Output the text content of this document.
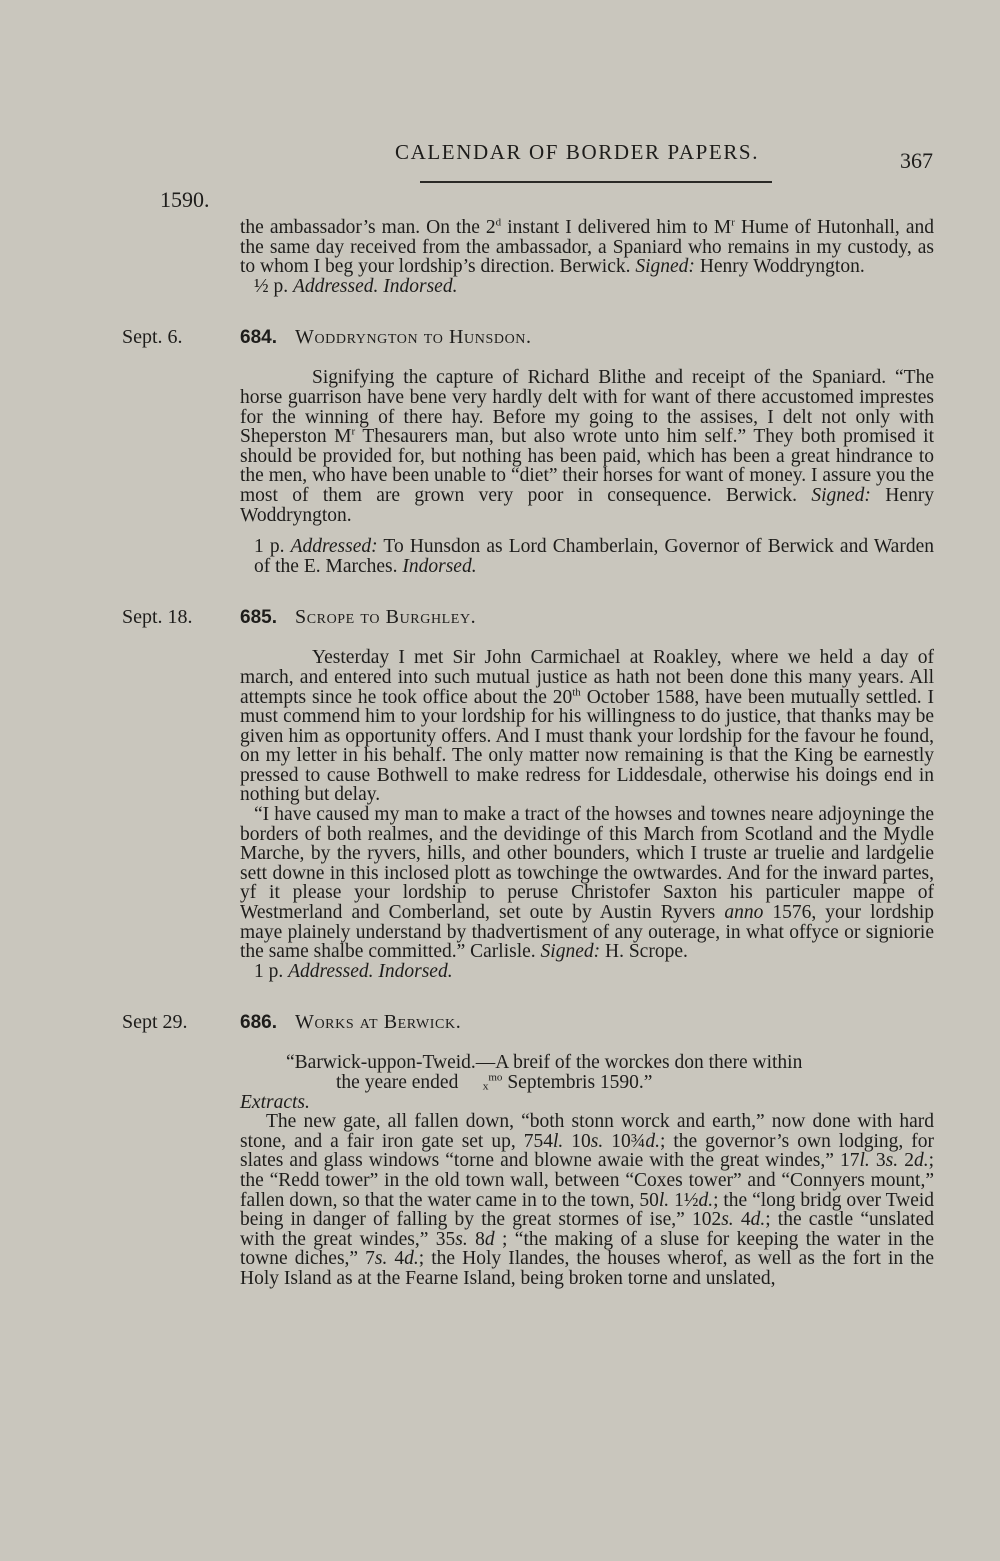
CALENDAR OF BORDER PAPERS.	367
1590.

the ambassador’s man. On the 2$^d$ instant I delivered him to $M^r$ Hume of Hutonhall, and the same day received from the ambassador, a Spaniard who remains in my custody, as to whom I beg your lordship’s direction. Berwick. Signed: Henry Woddryngton.

½ p. Addressed. Indorsed.

Sept. 6.	684. Woddryngton to Hunsdon.

Signifying the capture of Richard Blithe and receipt of the Spaniard. “The horse guarrison have bene very hardly delt with for want of there accustomed imprestes for the winning of there hay. Before my going to the assises, I delt not only with Sheperston $M^r$ Thesaurers man, but also wrote unto him self.” They both promised it should be provided for, but nothing has been paid, which has been a great hindrance to the men, who have been unable to “diet” their horses for want of money. I assure you the most of them are grown very poor in consequence. Berwick. Signed: Henry Woddryngton.

1 p. Addressed: To Hunsdon as Lord Chamberlain, Governor of Berwick and Warden of the E. Marches. Indorsed.

Sept. 18.	685. Scrope to Burghley.

Yesterday I met Sir John Carmichael at Roakley, where we held a day of march, and entered into such mutual justice as hath not been done this many years. All attempts since he took office about the 20th October 1588, have been mutually settled. I must commend him to your lordship for his willingness to do justice, that thanks may be given him as opportunity offers. And I must thank your lordship for the favour he found, on my letter in his behalf. The only matter now remaining is that the King be earnestly pressed to cause Bothwell to make redress for Liddesdale, otherwise his doings end in nothing but delay.

“I have caused my man to make a tract of the howses and townes neare adjoyninge the borders of both realmes, and the devidinge of this March from Scotland and the Mydle Marche, by the ryvers, hills, and other bounders, which I truste ar truelie and lardgelie sett downe in this inclosed plott as towchinge the owtwardes. And for the inward partes, yf it please your lordship to peruse Christofer Saxton his particuler mappe of Westmerland and Comberland, set oute by Austin Ryvers anno 1576, your lordship maye plainely understand by thadvertisment of any outerage, in what offyce or signiorie the same shalbe committed.” Carlisle. Signed: H. Scrope.

1 p. Addressed. Indorsed.

Sept 29.	686. Works at Berwick.

“Barwick-uppon-Tweid.—A breif of the worckes don there within
the yeare ended ₓ$^{mo}$ Septembris 1590.”

Extracts.

The new gate, all fallen down, “both stonn worck and earth,” now done with hard stone, and a fair iron gate set up, 754l. 10s. 10¾d.; the governor’s own lodging, for slates and glass windows “torne and blowne awaie with the great windes,” 17l. 3s. 2d.; the “Redd tower” in the old town wall, between “Coxes tower” and “Connyers mount,” fallen down, so that the water came in to the town, 50l. 1½d.; the “long bridg over Tweid being in danger of falling by the great stormes of ise,” 102s. 4d.; the castle “unslated with the great windes,” 35s. 8d ; “the making of a sluse for keeping the water in the towne diches,” 7s. 4d.; the Holy Ilandes, the houses wherof, as well as the fort in the Holy Island as at the Fearne Island, being broken torne and unslated,
